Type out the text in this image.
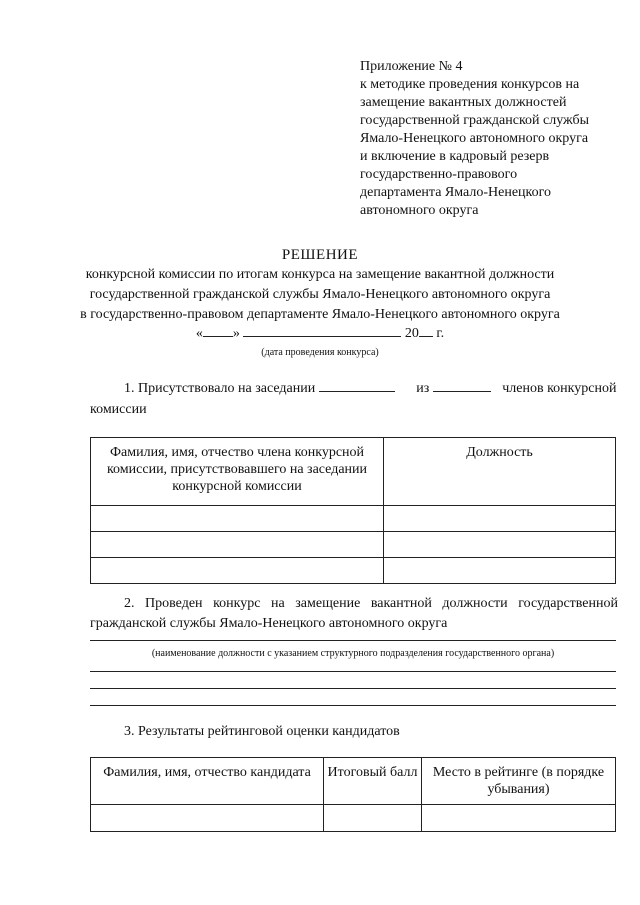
Приложение № 4
к методике проведения конкурсов на
замещение вакантных должностей
государственной гражданской службы
Ямало-Ненецкого автономного округа
и включение в кадровый резерв
государственно-правового
департамента Ямало-Ненецкого
автономного округа
РЕШЕНИЕ
конкурсной комиссии по итогам конкурса на замещение вакантной должности
государственной гражданской службы Ямало-Ненецкого автономного округа
в государственно-правовом департаменте Ямало-Ненецкого автономного округа
« »	20 г.
(дата проведения конкурса)
1. Присутствовало на заседании	из	членов конкурсной
комиссии
Фамилия, имя, отчество члена конкурсной комиссии, присутствовавшего на заседании конкурсной комиссии	Должность

2. Проведен конкурс на замещение вакантной должности государственной гражданской службы Ямало-Ненецкого автономного округа
(наименование должности с указанием структурного подразделения государственного органа)
3. Результаты рейтинговой оценки кандидатов
Фамилия, имя, отчество кандидата	Итоговый балл	Место в рейтинге (в порядке убывания)
